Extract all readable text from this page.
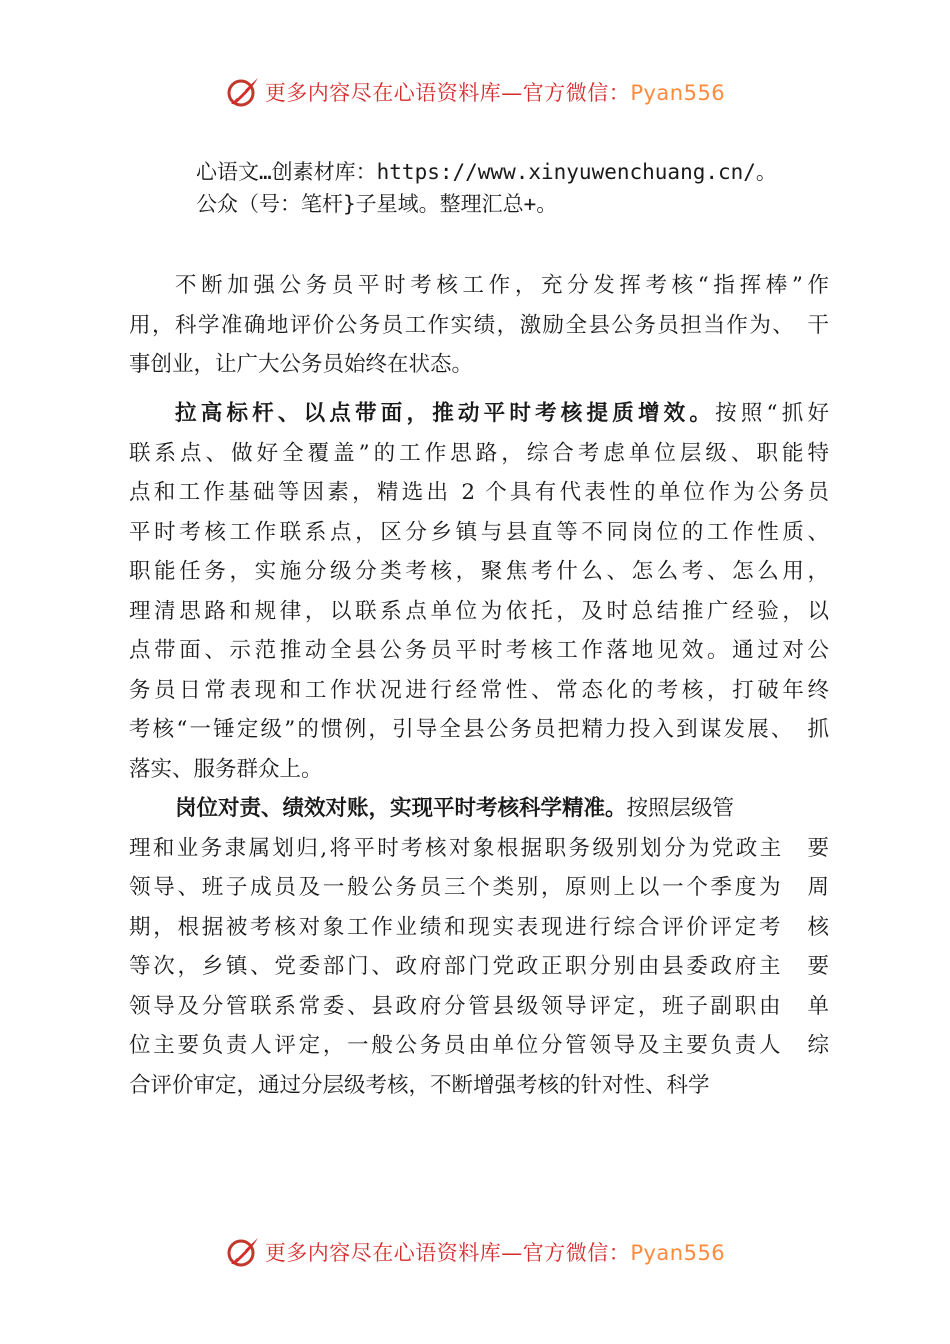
更多内容尽在心语资料库—官方微信：Pyan556
心语文…创素材库：https://www.xinyuwenchuang.cn/。
公众（号：笔杆}子星域。整理汇总+。
不断加强公务员平时考核工作，充分发挥考核“指挥棒”作
用，科学准确地评价公务员工作实绩，激励全县公务员担当作为、　干
事创业，让广大公务员始终在状态。
拉高标杆、以点带面，推动平时考核提质增效。按照“抓好
联系点、做好全覆盖”的工作思路，综合考虑单位层级、职能特
点和工作基础等因素，精选出 2 个具有代表性的单位作为公务员
平时考核工作联系点，区分乡镇与县直等不同岗位的工作性质、
职能任务，实施分级分类考核，聚焦考什么、怎么考、怎么用，
理清思路和规律，以联系点单位为依托，及时总结推广经验，以
点带面、示范推动全县公务员平时考核工作落地见效。通过对公
务员日常表现和工作状况进行经常性、常态化的考核，打破年终
考核“一锤定级”的惯例，引导全县公务员把精力投入到谋发展、　抓
落实、服务群众上。
岗位对责、绩效对账，实现平时考核科学精准。按照层级管
理和业务隶属划归,将平时考核对象根据职务级别划分为党政主　要
领导、班子成员及一般公务员三个类别，原则上以一个季度为　周
期，根据被考核对象工作业绩和现实表现进行综合评价评定考　核
等次，乡镇、党委部门、政府部门党政正职分别由县委政府主　要
领导及分管联系常委、县政府分管县级领导评定，班子副职由　单
位主要负责人评定，一般公务员由单位分管领导及主要负责人　综
合评价审定，通过分层级考核，不断增强考核的针对性、科学
更多内容尽在心语资料库—官方微信：Pyan556
